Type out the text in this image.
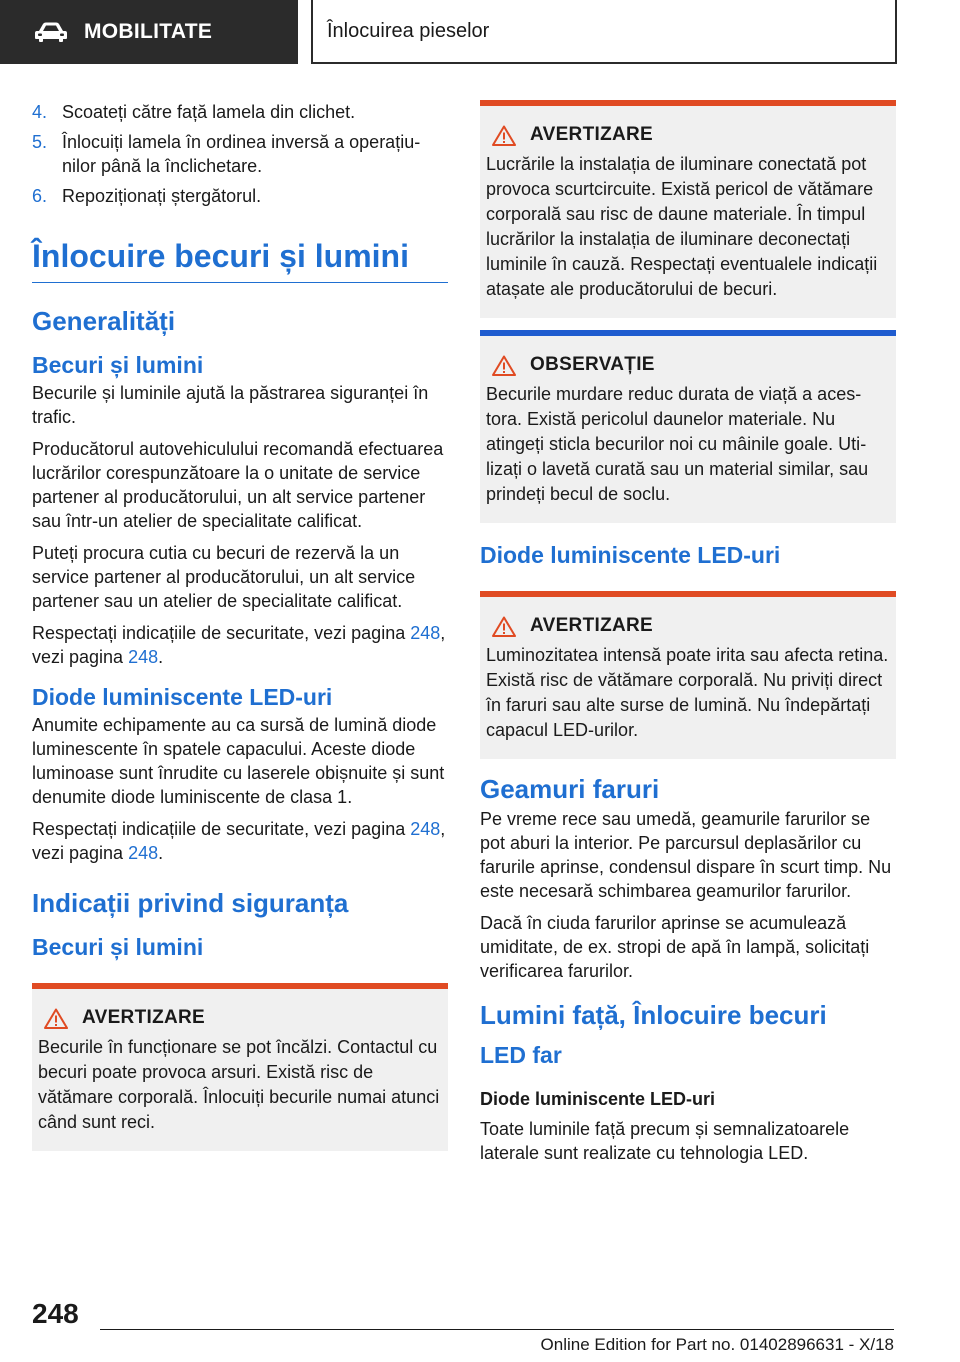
MOBILITATE	Înlocuirea pieselor
4. Scoateți către față lamela din clichet.
5. Înlocuiți lamela în ordinea inversă a operațiunilor până la înclichetare.
6. Repoziționați ștergătorul.
Înlocuire becuri și lumini
Generalități
Becuri și lumini

Becurile și luminile ajută la păstrarea siguranței în trafic.

Producătorul autovehiculului recomandă efectuarea lucrărilor corespunzătoare la o unitate de service partener al producătorului, un alt service partener sau într-un atelier de specialitate calificat.

Puteți procura cutia cu becuri de rezervă la un service partener al producătorului, un alt service partener sau un atelier de specialitate calificat.

Respectați indicațiile de securitate, vezi pagina 248, vezi pagina 248.

Diode luminiscente LED-uri

Anumite echipamente au ca sursă de lumină diode luminescente în spatele capacului. Aceste diode luminoase sunt înrudite cu laserele obișnuite și sunt denumite diode luminiscente de clasa 1.

Respectați indicațiile de securitate, vezi pagina 248, vezi pagina 248.

Indicații privind siguranța
Becuri și lumini
AVERTIZARE
Becurile în funcționare se pot încălzi. Contactul cu becuri poate provoca arsuri. Există risc de vătămare corporală. Înlocuiți becurile numai atunci când sunt reci.
AVERTIZARE
Lucrările la instalația de iluminare conectată pot provoca scurtcircuite. Există pericol de vătămare corporală sau risc de daune materiale. În timpul lucrărilor la instalația de iluminare deconectați luminile în cauză. Respectați eventualele indicații atașate ale producătorului de becuri.
OBSERVAȚIE
Becurile murdare reduc durata de viață a acestora. Există pericolul daunelor materiale. Nu atingeți sticla becurilor noi cu mâinile goale. Utilizați o lavetă curată sau un material similar, sau prindeți becul de soclu.
Diode luminiscente LED-uri
AVERTIZARE
Luminozitatea intensă poate irita sau afecta retina. Există risc de vătămare corporală. Nu priviți direct în faruri sau alte surse de lumină. Nu îndepărtați capacul LED-urilor.
Geamuri faruri

Pe vreme rece sau umedă, geamurile farurilor se pot aburi la interior. Pe parcursul deplasărilor cu farurile aprinse, condensul dispare în scurt timp. Nu este necesară schimbarea geamurilor farurilor.

Dacă în ciuda farurilor aprinse se acumulează umiditate, de ex. stropi de apă în lampă, solicitați verificarea farurilor.

Lumini față, Înlocuire becuri
LED far
Diode luminiscente LED-uri

Toate luminile față precum și semnalizatoarele laterale sunt realizate cu tehnologia LED.

248
Online Edition for Part no. 01402896631 - X/18
